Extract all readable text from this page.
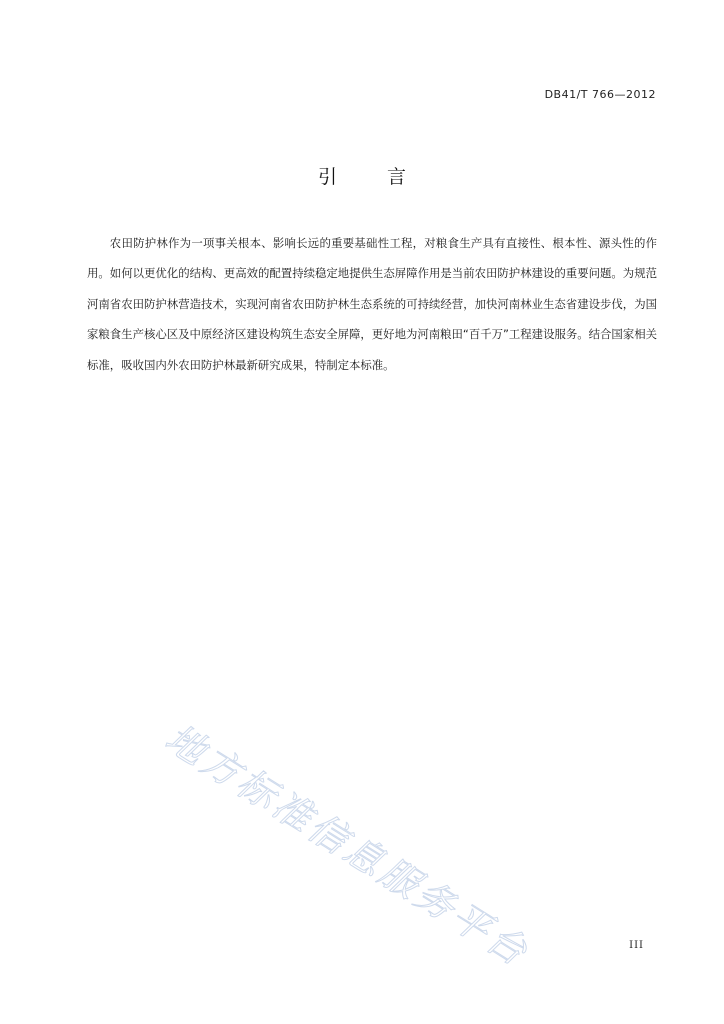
DB41/T 766—2012
引 言

农田防护林作为一项事关根本、影响长远的重要基础性工程，对粮食生产具有直接性、根本性、源头性的作用。如何以更优化的结构、更高效的配置持续稳定地提供生态屏障作用是当前农田防护林建设的重要问题。为规范河南省农田防护林营造技术，实现河南省农田防护林生态系统的可持续经营，加快河南林业生态省建设步伐，为国家粮食生产核心区及中原经济区建设构筑生态安全屏障，更好地为河南粮田“百千万”工程建设服务。结合国家相关标准，吸收国内外农田防护林最新研究成果，特制定本标准。

地方标准信息服务平台	III
